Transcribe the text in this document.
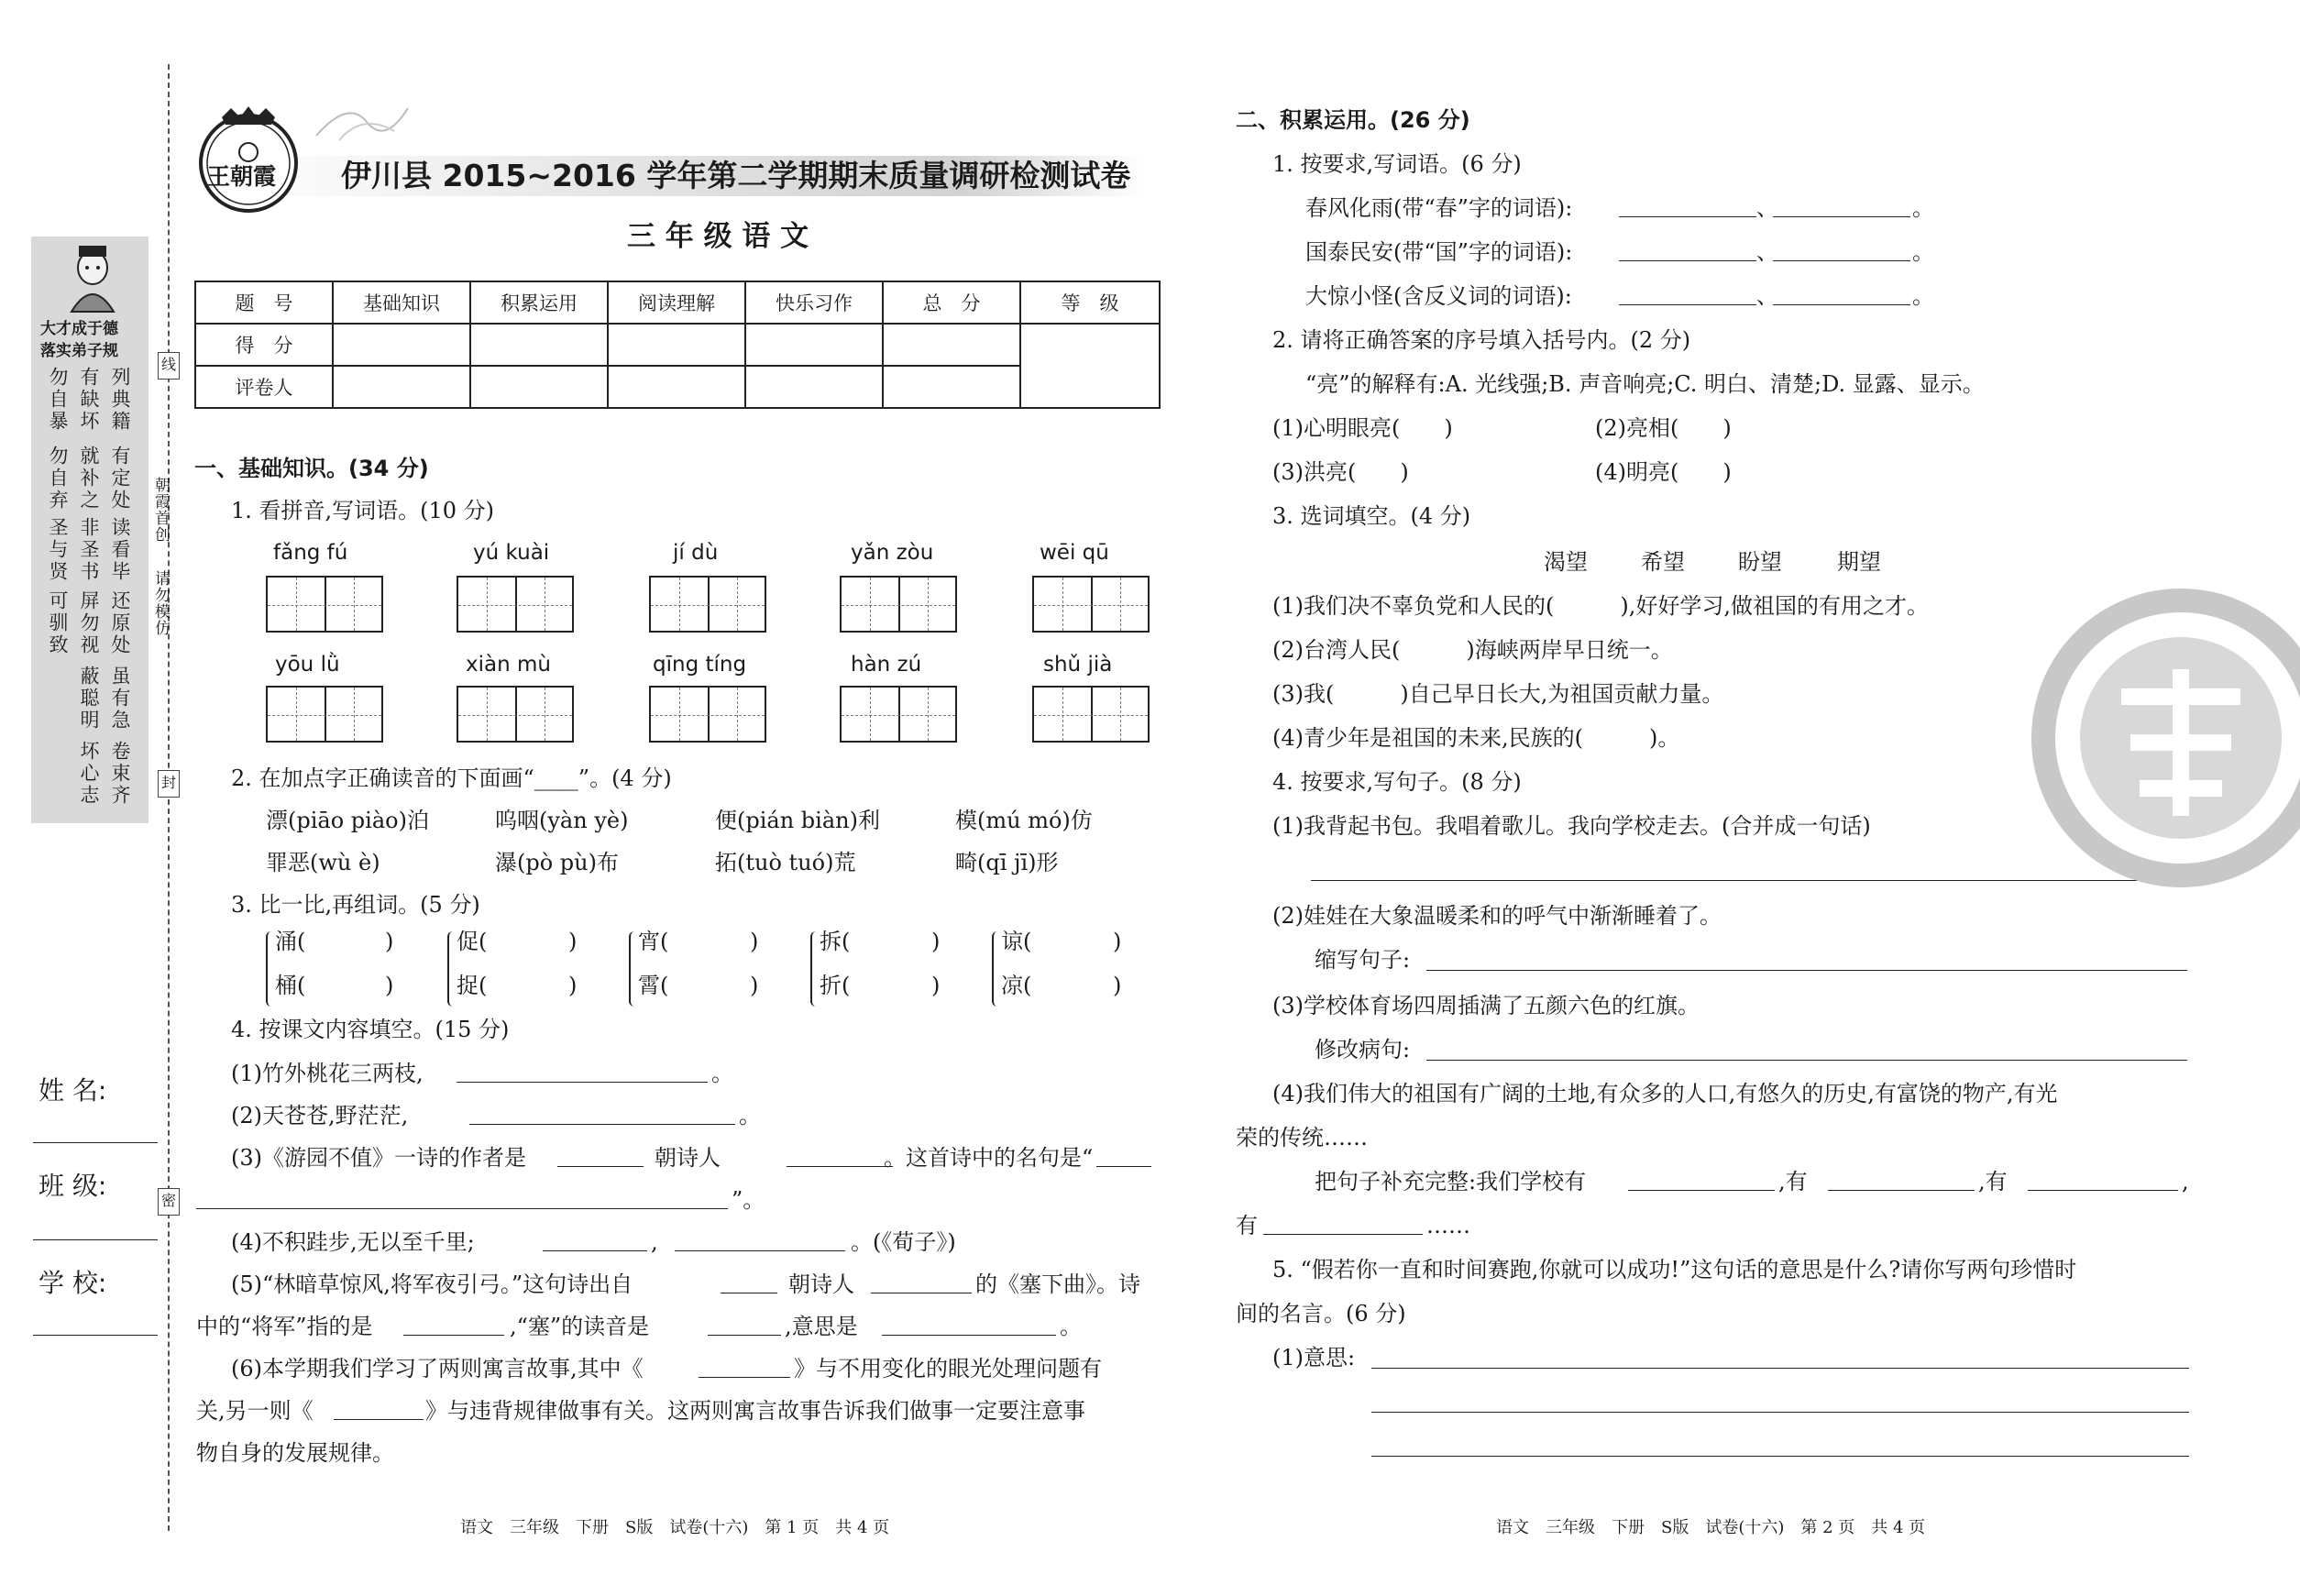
大才成于德
落实弟子规
勿自暴 有缺坏 列典籍
勿自弃 就补之 有定处
圣与贤 非圣书 读看毕
可驯致 屏勿视 还原处
蔽聪明 虽有急
坏心志 卷束齐
朝霞首创
请勿模仿
线
封
密
姓 名:
班 级:
学 校:
王朝霞 伊川县 2015~2016 学年第二学期期末质量调研检测试卷
三 年 级 语 文
题　号	基础知识	积累运用	阅读理解	快乐习作	总　分	等　级
得　分						
评卷人						
一、基础知识。(34 分)
1. 看拼音,写词语。(10 分)
fǎng fú	yú kuài	jí dù	yǎn zòu	wēi qū
yōu lǜ	xiàn mù	qīng tíng	hàn zú	shǔ jià
2. 在加点字正确读音的下面画“____”。(4 分)
漂(piāo piào)泊	呜咽(yàn yè)	便(pián biàn)利	模(mú mó)仿
罪恶(wù è)	瀑(pò pù)布	拓(tuò tuó)荒	畸(qī jī)形
3. 比一比,再组词。(5 分)
涌(	)	促(	)	宵(	)	拆(	)	谅(	)
桶(	)	捉(	)	霄(	)	折(	)	凉(	)
4. 按课文内容填空。(15 分)
(1)竹外桃花三两枝,	。
(2)天苍苍,野茫茫,	。
(3)《游园不值》一诗的作者是	朝诗人	。这首诗中的名句是“
”。
(4)不积跬步,无以至千里;	,	。(《荀子》)
(5)“林暗草惊风,将军夜引弓。”这句诗出自	朝诗人	的《塞下曲》。诗
中的“将军”指的是	,“塞”的读音是	,意思是	。
(6)本学期我们学习了两则寓言故事,其中《	》与不用变化的眼光处理问题有
关,另一则《	》与违背规律做事有关。这两则寓言故事告诉我们做事一定要注意事
物自身的发展规律。
语文　三年级　下册　S版　试卷(十六)　第 1 页　共 4 页
二、积累运用。(26 分)
1. 按要求,写词语。(6 分)
春风化雨(带“春”字的词语):	、	。
国泰民安(带“国”字的词语):	、	。
大惊小怪(含反义词的词语):	、	。
2. 请将正确答案的序号填入括号内。(2 分)
“亮”的解释有:A. 光线强;B. 声音响亮;C. 明白、清楚;D. 显露、显示。
(1)心明眼亮(　　)	(2)亮相(　　)
(3)洪亮(　　)	(4)明亮(　　)
3. 选词填空。(4 分)
渴望 希望 盼望	期望
(1)我们决不辜负党和人民的(　　　),好好学习,做祖国的有用之才。
(2)台湾人民(　　　)海峡两岸早日统一。
(3)我(　　　)自己早日长大,为祖国贡献力量。
(4)青少年是祖国的未来,民族的(　　　)。
4. 按要求,写句子。(8 分)
(1)我背起书包。我唱着歌儿。我向学校走去。(合并成一句话)
(2)娃娃在大象温暖柔和的呼气中渐渐睡着了。
缩写句子:
(3)学校体育场四周插满了五颜六色的红旗。
修改病句:
(4)我们伟大的祖国有广阔的土地,有众多的人口,有悠久的历史,有富饶的物产,有光
荣的传统……
把句子补充完整:我们学校有	,有	,有	,
有	……
5. “假若你一直和时间赛跑,你就可以成功!”这句话的意思是什么?请你写两句珍惜时
间的名言。(6 分)
(1)意思:
语文　三年级　下册　S版　试卷(十六)　第 2 页　共 4 页
